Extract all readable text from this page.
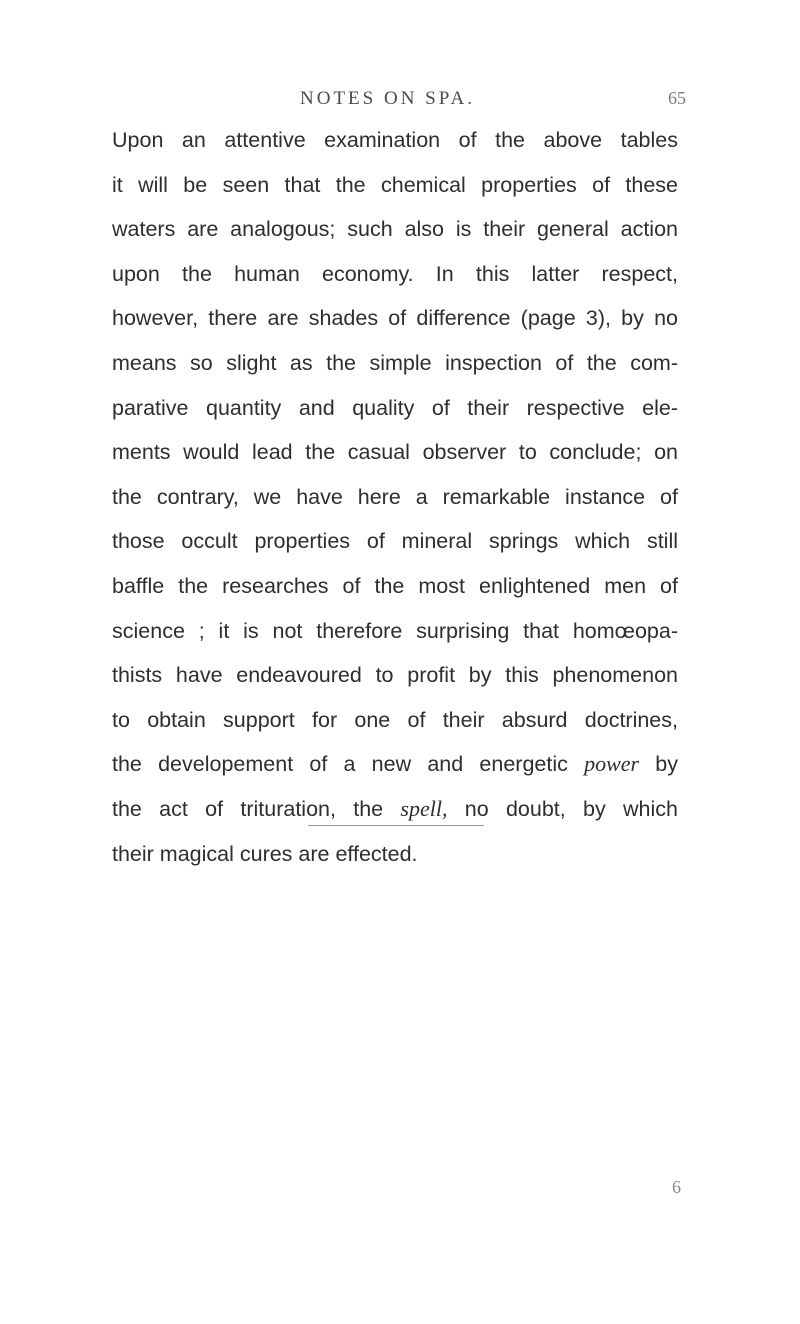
NOTES ON SPA.	65
Upon an attentive examination of the above tables
it will be seen that the chemical properties of these
waters are analogous; such also is their general action
upon the human economy. In this latter respect,
however, there are shades of difference (page 3), by no
means so slight as the simple inspection of the com-
parative quantity and quality of their respective ele-
ments would lead the casual observer to conclude; on
the contrary, we have here a remarkable instance of
those occult properties of mineral springs which still
baffle the researches of the most enlightened men of
science ; it is not therefore surprising that homœopa-
thists have endeavoured to profit by this phenomenon
to obtain support for one of their absurd doctrines,
the developement of a new and energetic power by
the act of trituration, the spell, no doubt, by which
their magical cures are effected.
6
